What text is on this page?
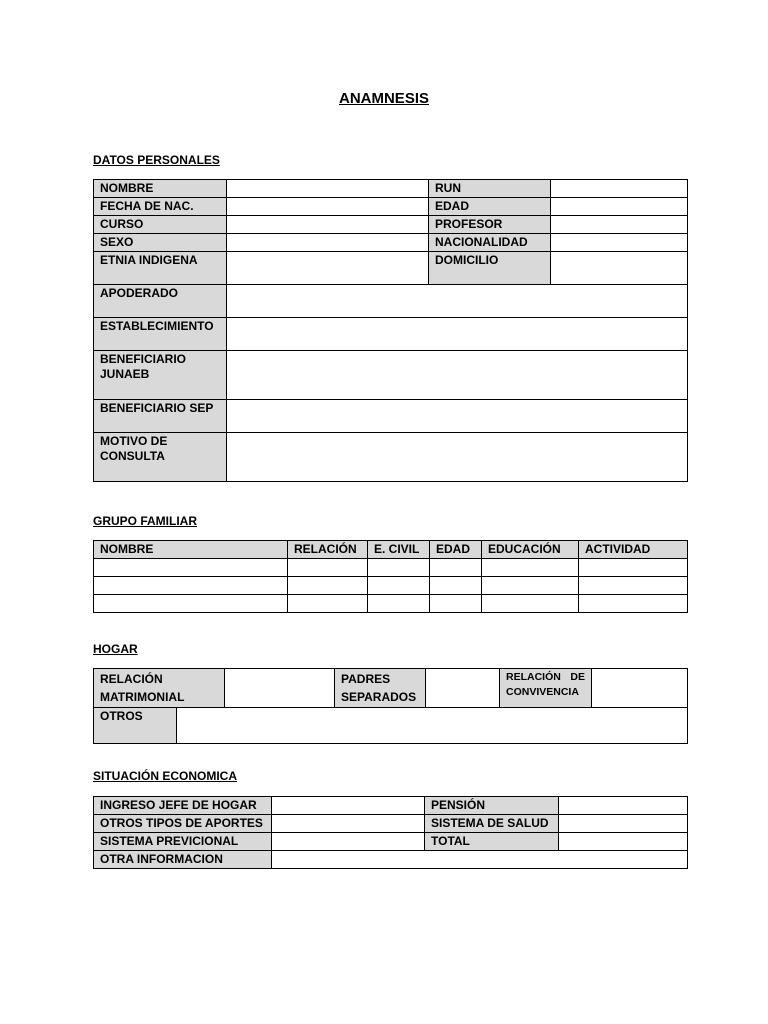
ANAMNESIS
DATOS PERSONALES
NOMBRE		RUN	
FECHA DE NAC.		EDAD	
CURSO		PROFESOR	
SEXO		NACIONALIDAD	
ETNIA INDIGENA		DOMICILIO	
APODERADO			
ESTABLECIMIENTO			
BENEFICIARIO JUNAEB			
BENEFICIARIO SEP			
MOTIVO DE CONSULTA			
GRUPO FAMILIAR
NOMBRE	RELACIÓN	E. CIVIL	EDAD	EDUCACIÓN	ACTIVIDAD

HOGAR
RELACIÓN MATRIMONIAL			PADRES SEPARADOS		RELACIÓN DE CONVIVENCIA	
OTROS						
SITUACIÓN ECONOMICA
INGRESO JEFE DE HOGAR		PENSIÓN	
OTROS TIPOS DE APORTES		SISTEMA DE SALUD	
SISTEMA PREVICIONAL		TOTAL	
OTRA INFORMACION			
